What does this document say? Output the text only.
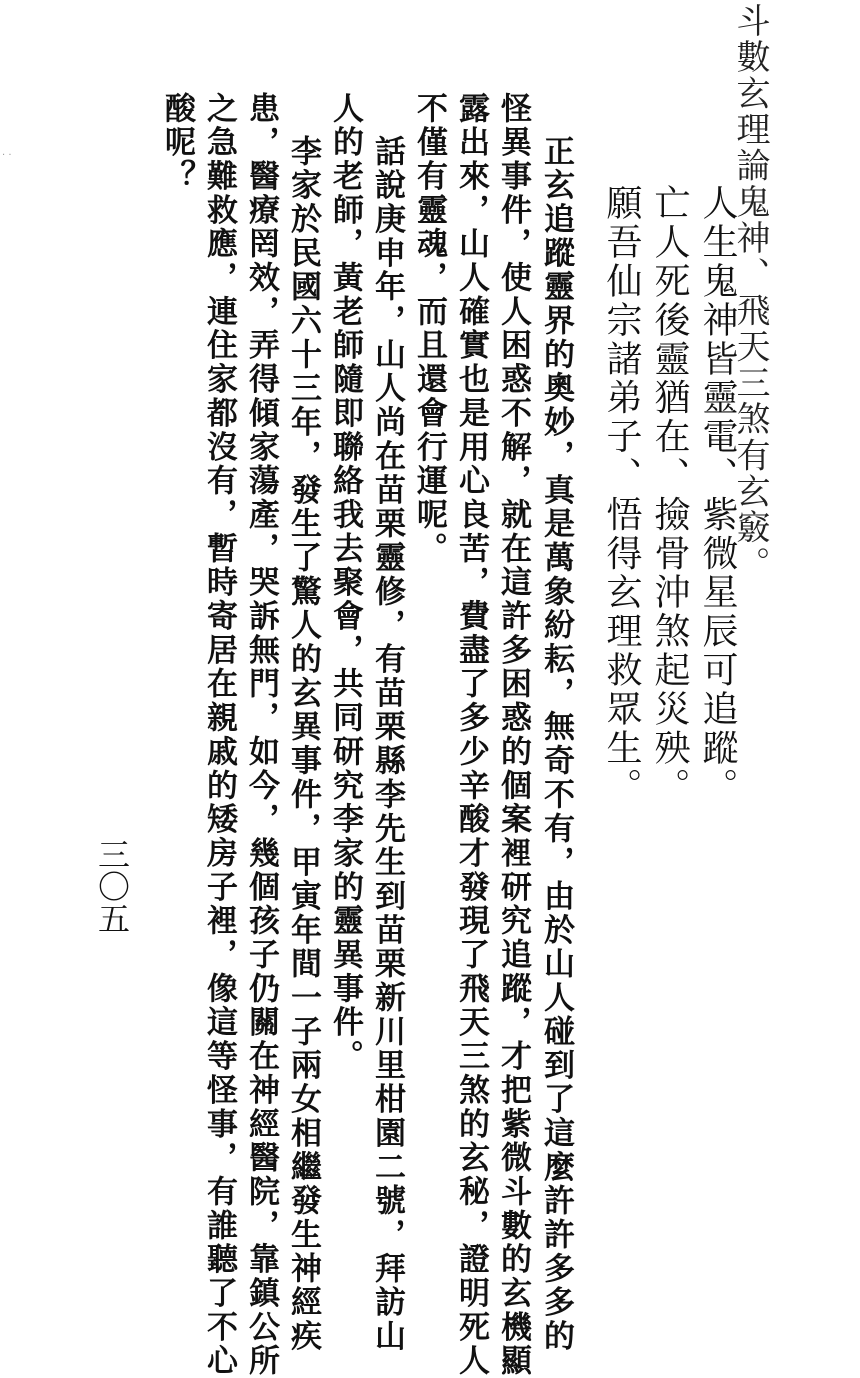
斗數玄理論鬼神、飛天三煞有玄竅。
人生鬼神皆靈電、紫微星辰可追蹤。
亡人死後靈猶在、撿骨沖煞起災殃。
願吾仙宗諸弟子、悟得玄理救眾生。
正玄追蹤靈界的奧妙，真是萬象紛耘，無奇不有，由於山人碰到了這麼許許多多的
怪異事件，使人困惑不解，就在這許多困惑的個案裡研究追蹤，才把紫微斗數的玄機顯
露出來，山人確實也是用心良苦，費盡了多少辛酸才發現了飛天三煞的玄秘，證明死人
不僅有靈魂，而且還會行運呢。
話說庚申年，山人尚在苗栗靈修，有苗栗縣李先生到苗栗新川里柑園二號，拜訪山
人的老師，黃老師隨即聯絡我去聚會，共同研究李家的靈異事件。
李家於民國六十三年，發生了驚人的玄異事件，甲寅年間一子兩女相繼發生神經疾
患，醫療罔效，弄得傾家蕩產，哭訴無門，如今，幾個孩子仍關在神經醫院，靠鎮公所
之急難救應，連住家都沒有，暫時寄居在親戚的矮房子裡，像這等怪事，有誰聽了不心
酸呢？
三〇五
· ·
